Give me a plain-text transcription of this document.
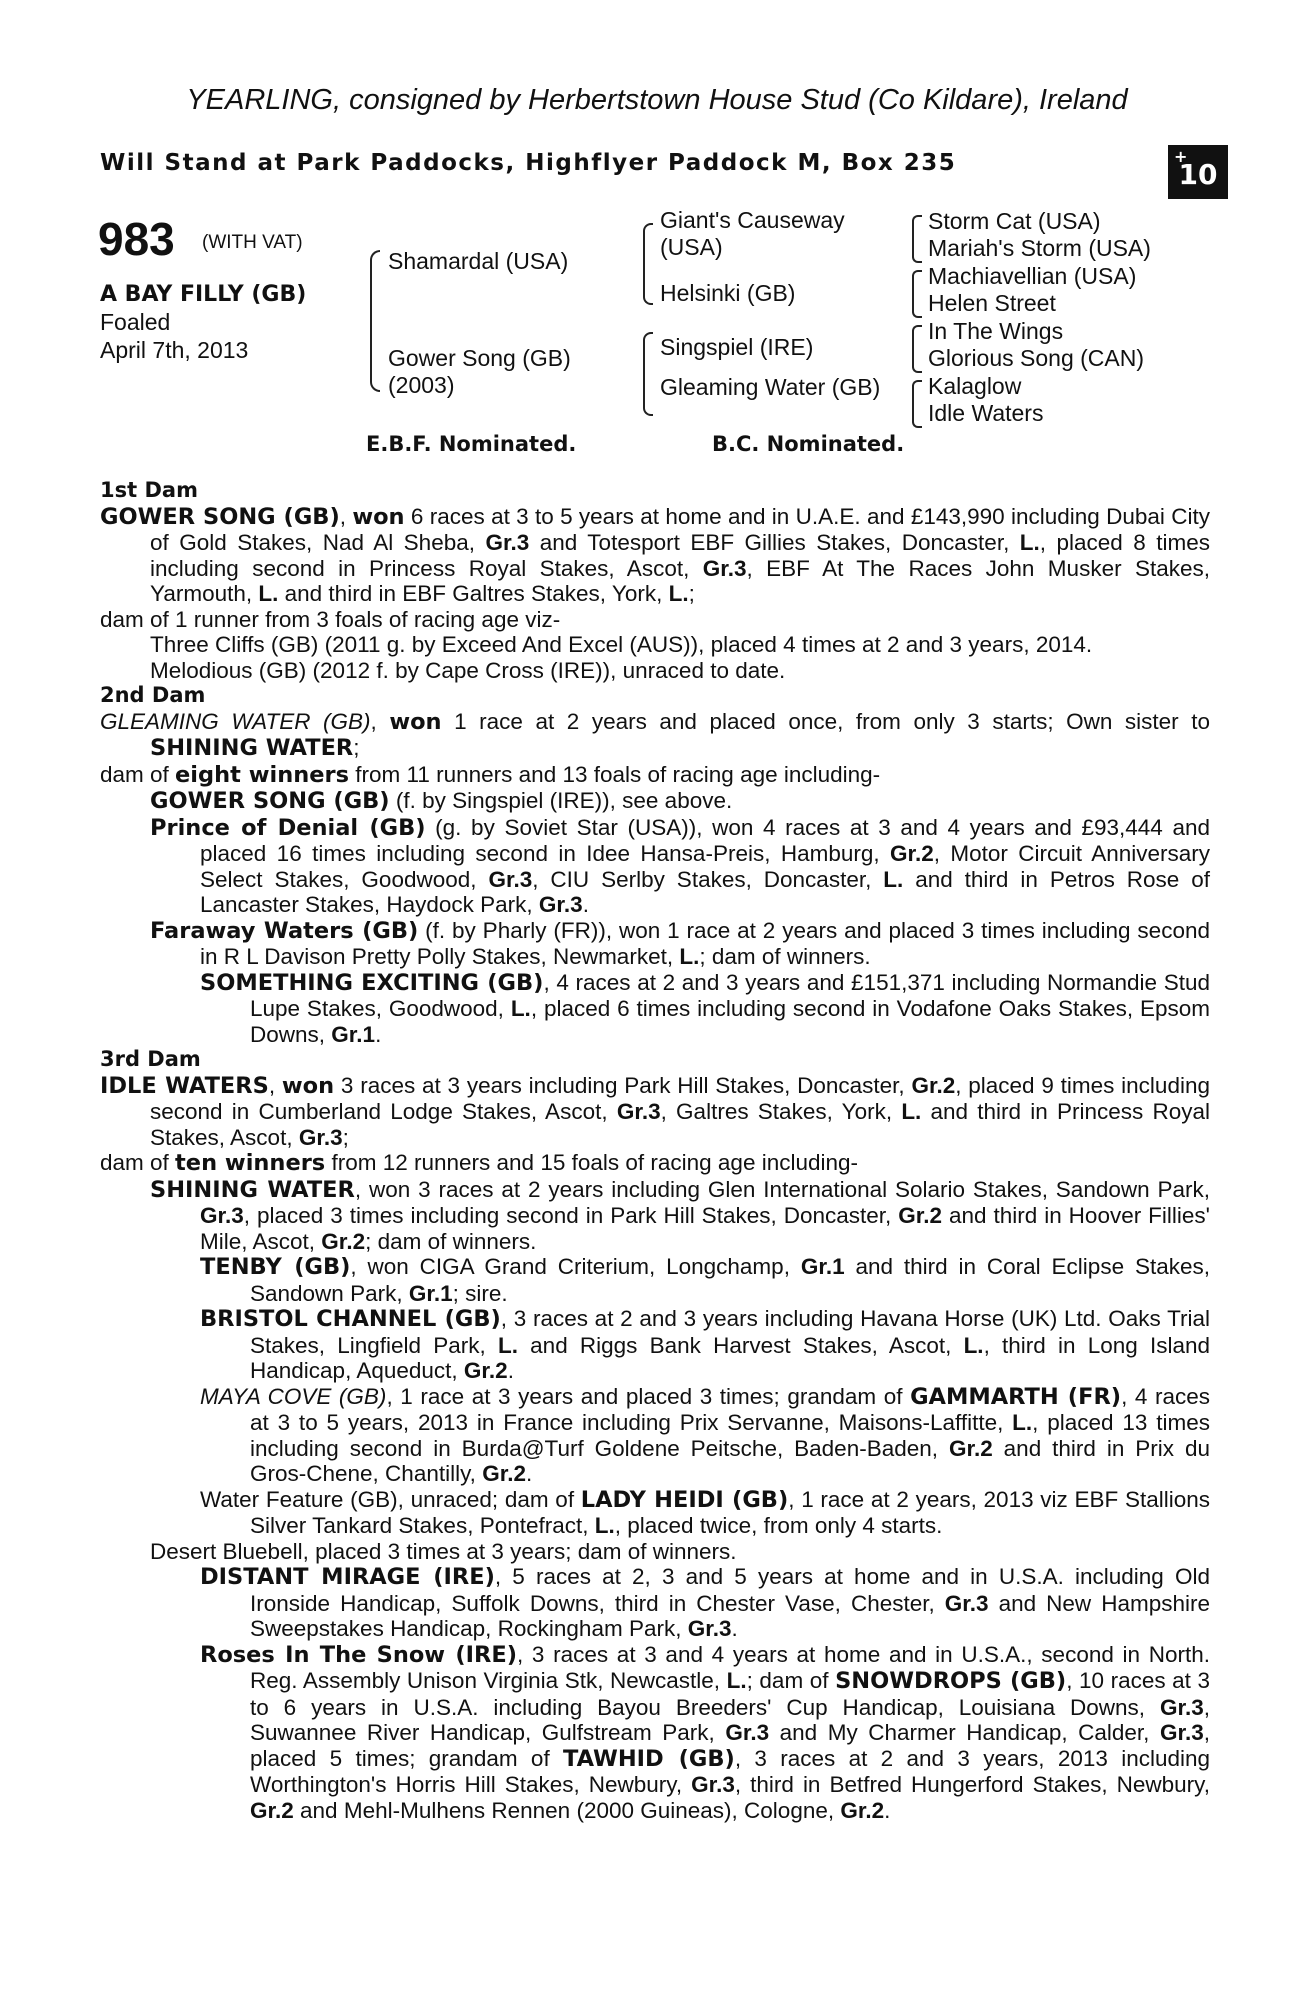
YEARLING, consigned by Herbertstown House Stud (Co Kildare), Ireland
Will Stand at Park Paddocks, Highflyer Paddock M, Box 235	+
10
983 (WITH VAT)
A BAY FILLY (GB)
Foaled
April 7th, 2013
Shamardal (USA)
Gower Song (GB) (2003)
Giant's Causeway (USA)
Helsinki (GB)
Singspiel (IRE)
Gleaming Water (GB)
Storm Cat (USA)
Mariah's Storm (USA)
Machiavellian (USA)
Helen Street
In The Wings
Glorious Song (CAN)
Kalaglow
Idle Waters
E.B.F. Nominated.	B.C. Nominated.

1st Dam

GOWER SONG (GB), won 6 races at 3 to 5 years at home and in U.A.E. and £143,990 including Dubai City of Gold Stakes, Nad Al Sheba, Gr.3 and Totesport EBF Gillies Stakes, Doncaster, L., placed 8 times including second in Princess Royal Stakes, Ascot, Gr.3, EBF At The Races John Musker Stakes, Yarmouth, L. and third in EBF Galtres Stakes, York, L.;

dam of 1 runner from 3 foals of racing age viz-

Three Cliffs (GB) (2011 g. by Exceed And Excel (AUS)), placed 4 times at 2 and 3 years, 2014.

Melodious (GB) (2012 f. by Cape Cross (IRE)), unraced to date.

2nd Dam

GLEAMING WATER (GB), won 1 race at 2 years and placed once, from only 3 starts; Own sister to SHINING WATER;

dam of eight winners from 11 runners and 13 foals of racing age including-

GOWER SONG (GB) (f. by Singspiel (IRE)), see above.

Prince of Denial (GB) (g. by Soviet Star (USA)), won 4 races at 3 and 4 years and £93,444 and placed 16 times including second in Idee Hansa-Preis, Hamburg, Gr.2, Motor Circuit Anniversary Select Stakes, Goodwood, Gr.3, CIU Serlby Stakes, Doncaster, L. and third in Petros Rose of Lancaster Stakes, Haydock Park, Gr.3.

Faraway Waters (GB) (f. by Pharly (FR)), won 1 race at 2 years and placed 3 times including second in R L Davison Pretty Polly Stakes, Newmarket, L.; dam of winners.

SOMETHING EXCITING (GB), 4 races at 2 and 3 years and £151,371 including Normandie Stud Lupe Stakes, Goodwood, L., placed 6 times including second in Vodafone Oaks Stakes, Epsom Downs, Gr.1.

3rd Dam

IDLE WATERS, won 3 races at 3 years including Park Hill Stakes, Doncaster, Gr.2, placed 9 times including second in Cumberland Lodge Stakes, Ascot, Gr.3, Galtres Stakes, York, L. and third in Princess Royal Stakes, Ascot, Gr.3;

dam of ten winners from 12 runners and 15 foals of racing age including-

SHINING WATER, won 3 races at 2 years including Glen International Solario Stakes, Sandown Park, Gr.3, placed 3 times including second in Park Hill Stakes, Doncaster, Gr.2 and third in Hoover Fillies' Mile, Ascot, Gr.2; dam of winners.

TENBY (GB), won CIGA Grand Criterium, Longchamp, Gr.1 and third in Coral Eclipse Stakes, Sandown Park, Gr.1; sire.

BRISTOL CHANNEL (GB), 3 races at 2 and 3 years including Havana Horse (UK) Ltd. Oaks Trial Stakes, Lingfield Park, L. and Riggs Bank Harvest Stakes, Ascot, L., third in Long Island Handicap, Aqueduct, Gr.2.

MAYA COVE (GB), 1 race at 3 years and placed 3 times; grandam of GAMMARTH (FR), 4 races at 3 to 5 years, 2013 in France including Prix Servanne, Maisons-Laffitte, L., placed 13 times including second in Burda@Turf Goldene Peitsche, Baden-Baden, Gr.2 and third in Prix du Gros-Chene, Chantilly, Gr.2.

Water Feature (GB), unraced; dam of LADY HEIDI (GB), 1 race at 2 years, 2013 viz EBF Stallions Silver Tankard Stakes, Pontefract, L., placed twice, from only 4 starts.

Desert Bluebell, placed 3 times at 3 years; dam of winners.

DISTANT MIRAGE (IRE), 5 races at 2, 3 and 5 years at home and in U.S.A. including Old Ironside Handicap, Suffolk Downs, third in Chester Vase, Chester, Gr.3 and New Hampshire Sweepstakes Handicap, Rockingham Park, Gr.3.

Roses In The Snow (IRE), 3 races at 3 and 4 years at home and in U.S.A., second in North. Reg. Assembly Unison Virginia Stk, Newcastle, L.; dam of SNOWDROPS (GB), 10 races at 3 to 6 years in U.S.A. including Bayou Breeders' Cup Handicap, Louisiana Downs, Gr.3, Suwannee River Handicap, Gulfstream Park, Gr.3 and My Charmer Handicap, Calder, Gr.3, placed 5 times; grandam of TAWHID (GB), 3 races at 2 and 3 years, 2013 including Worthington's Horris Hill Stakes, Newbury, Gr.3, third in Betfred Hungerford Stakes, Newbury, Gr.2 and Mehl-Mulhens Rennen (2000 Guineas), Cologne, Gr.2.
